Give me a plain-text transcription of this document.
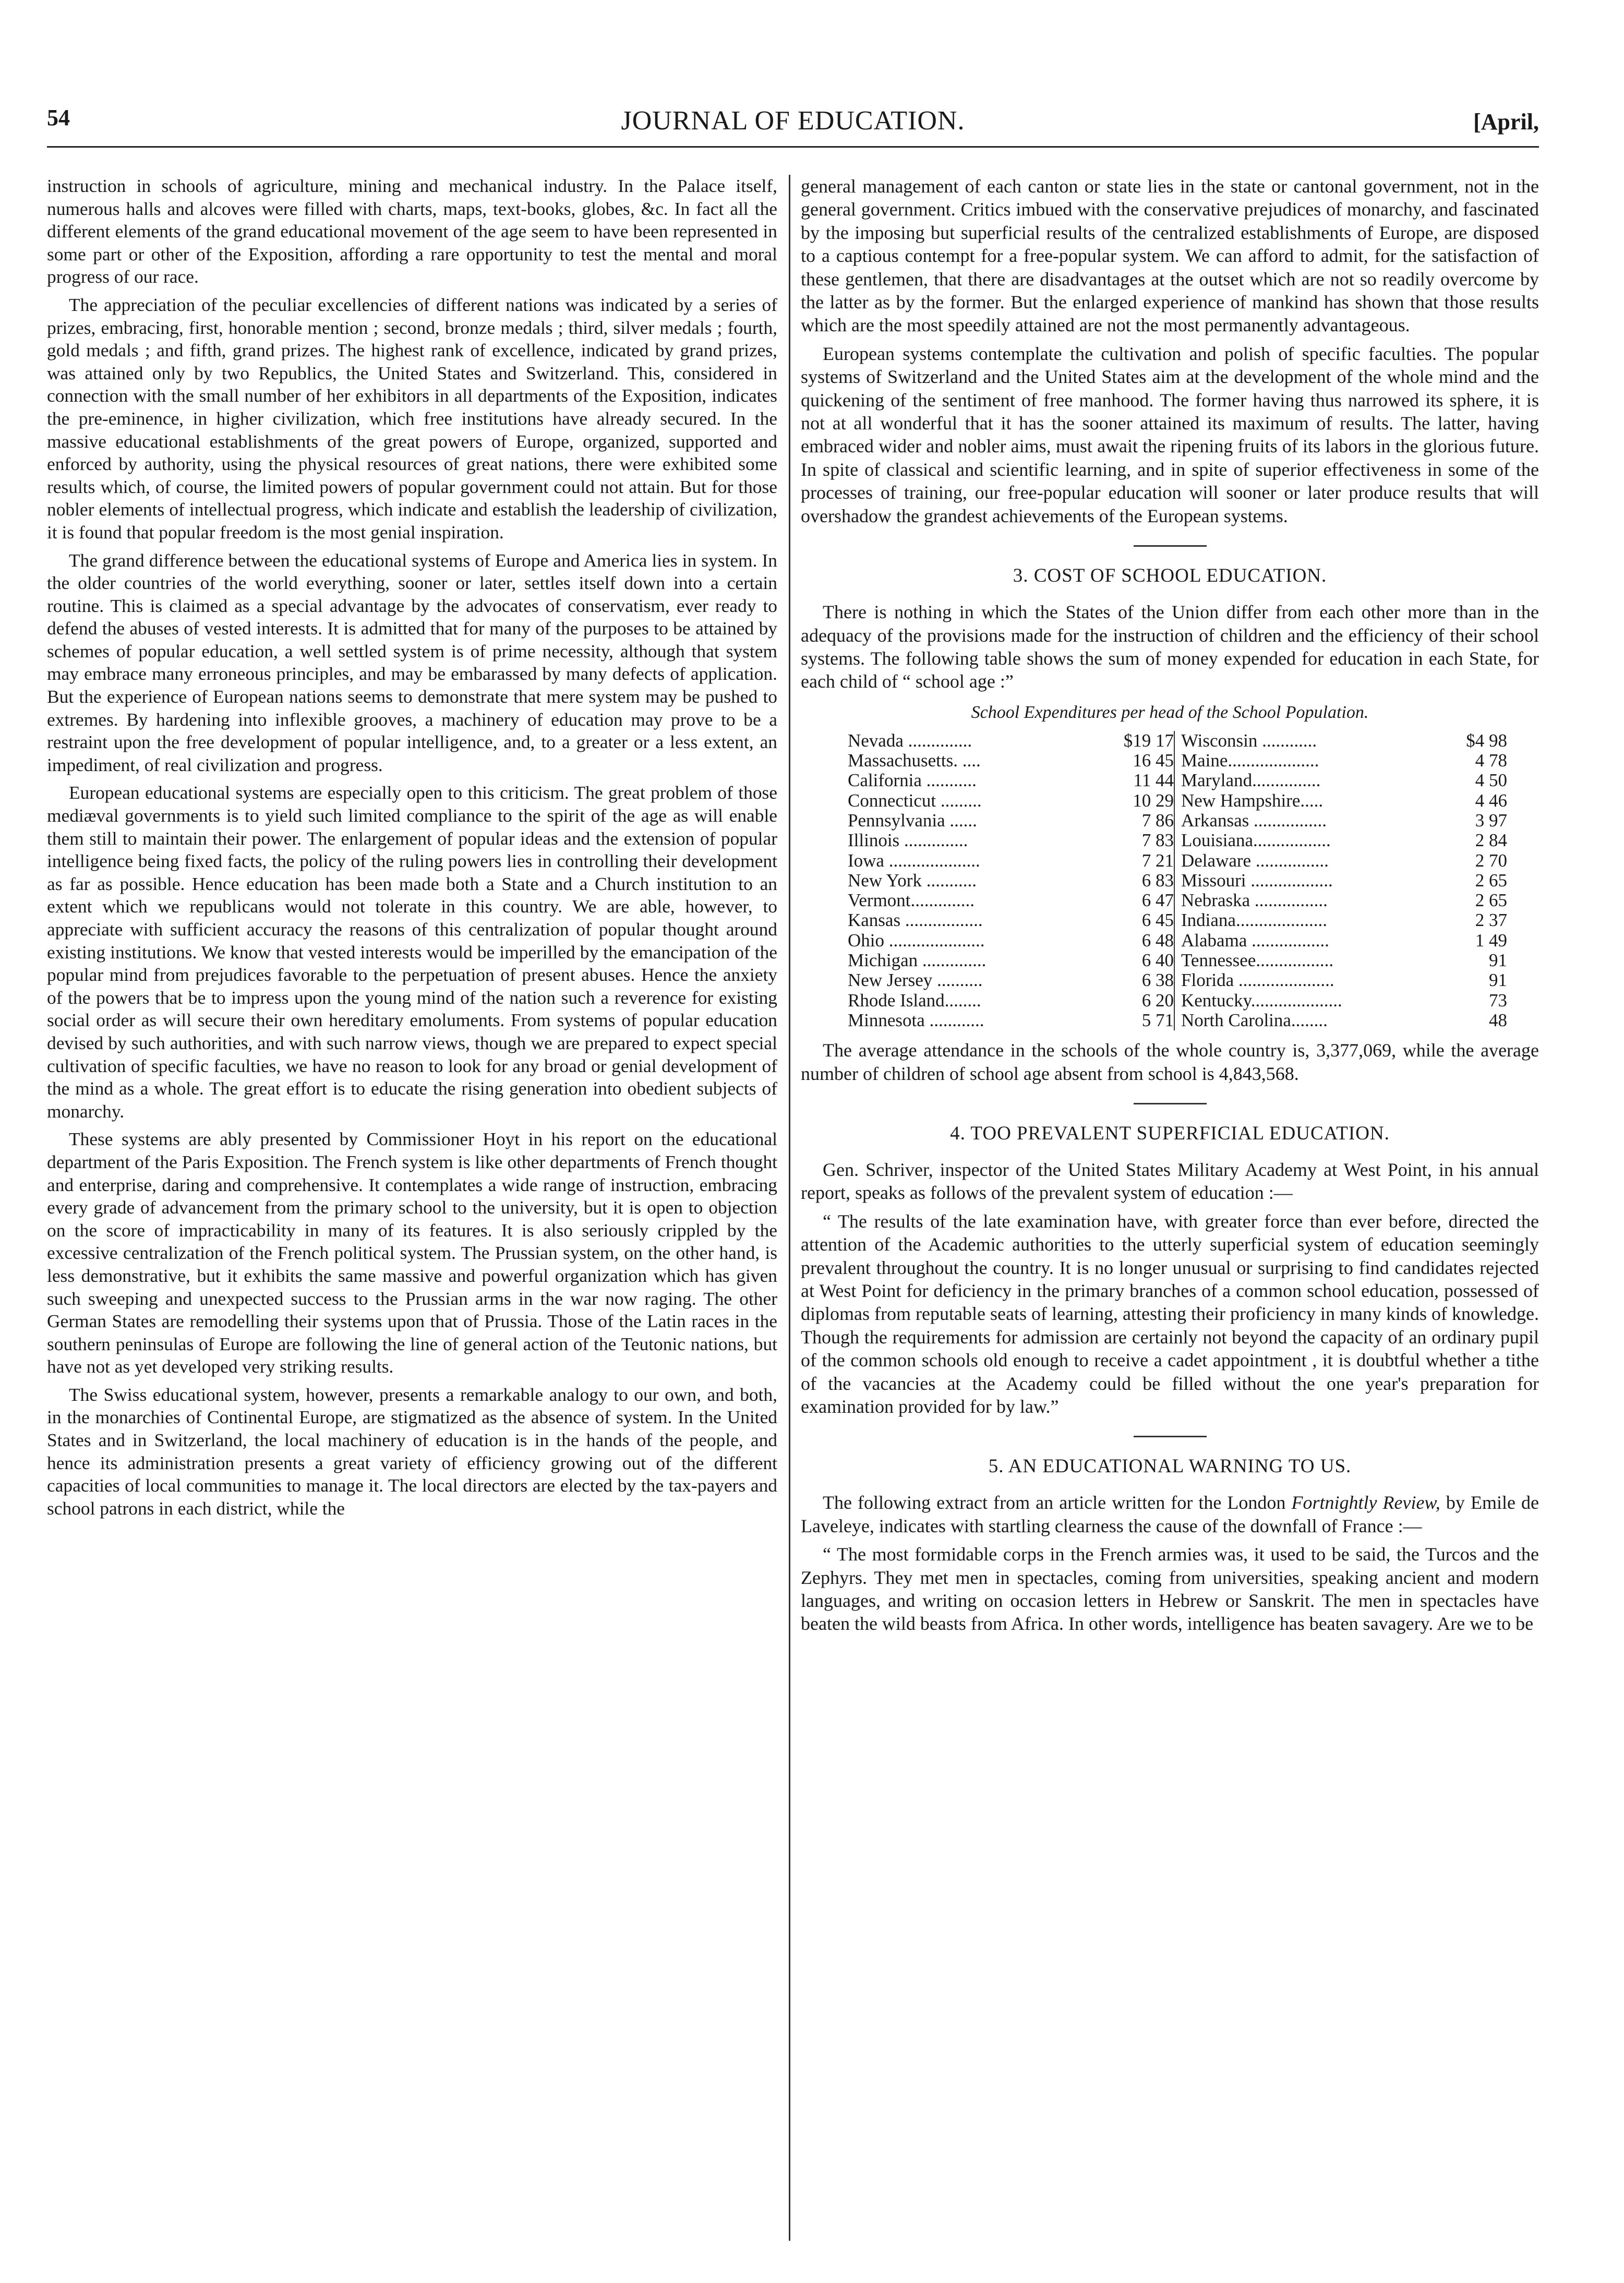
54	JOURNAL OF EDUCATION.	[April,

instruction in schools of agriculture, mining and mechanical industry. In the Palace itself, numerous halls and alcoves were filled with charts, maps, text-books, globes, &c. In fact all the different elements of the grand educational movement of the age seem to have been represented in some part or other of the Exposition, affording a rare opportunity to test the mental and moral progress of our race.

The appreciation of the peculiar excellencies of different nations was indicated by a series of prizes, embracing, first, honorable mention ; second, bronze medals ; third, silver medals ; fourth, gold medals ; and fifth, grand prizes. The highest rank of excellence, indicated by grand prizes, was attained only by two Republics, the United States and Switzerland. This, considered in connection with the small number of her exhibitors in all departments of the Exposition, indicates the pre-eminence, in higher civilization, which free institutions have already secured. In the massive educational establishments of the great powers of Europe, organized, supported and enforced by authority, using the physical resources of great nations, there were exhibited some results which, of course, the limited powers of popular government could not attain. But for those nobler elements of intellectual progress, which indicate and establish the leadership of civilization, it is found that popular freedom is the most genial inspiration.

The grand difference between the educational systems of Europe and America lies in system. In the older countries of the world everything, sooner or later, settles itself down into a certain routine. This is claimed as a special advantage by the advocates of conservatism, ever ready to defend the abuses of vested interests. It is admitted that for many of the purposes to be attained by schemes of popular education, a well settled system is of prime necessity, although that system may embrace many erroneous principles, and may be embarassed by many defects of application. But the experience of European nations seems to demonstrate that mere system may be pushed to extremes. By hardening into inflexible grooves, a machinery of education may prove to be a restraint upon the free development of popular intelligence, and, to a greater or a less extent, an impediment, of real civilization and progress.

European educational systems are especially open to this criticism. The great problem of those mediæval governments is to yield such limited compliance to the spirit of the age as will enable them still to maintain their power. The enlargement of popular ideas and the extension of popular intelligence being fixed facts, the policy of the ruling powers lies in controlling their development as far as possible. Hence education has been made both a State and a Church institution to an extent which we republicans would not tolerate in this country. We are able, however, to appreciate with sufficient accuracy the reasons of this centralization of popular thought around existing institutions. We know that vested interests would be imperilled by the emancipation of the popular mind from prejudices favorable to the perpetuation of present abuses. Hence the anxiety of the powers that be to impress upon the young mind of the nation such a reverence for existing social order as will secure their own hereditary emoluments. From systems of popular education devised by such authorities, and with such narrow views, though we are prepared to expect special cultivation of specific faculties, we have no reason to look for any broad or genial development of the mind as a whole. The great effort is to educate the rising generation into obedient subjects of monarchy.

These systems are ably presented by Commissioner Hoyt in his report on the educational department of the Paris Exposition. The French system is like other departments of French thought and enterprise, daring and comprehensive. It contemplates a wide range of instruction, embracing every grade of advancement from the primary school to the university, but it is open to objection on the score of impracticability in many of its features. It is also seriously crippled by the excessive centralization of the French political system. The Prussian system, on the other hand, is less demonstrative, but it exhibits the same massive and powerful organization which has given such sweeping and unexpected success to the Prussian arms in the war now raging. The other German States are remodelling their systems upon that of Prussia. Those of the Latin races in the southern peninsulas of Europe are following the line of general action of the Teutonic nations, but have not as yet developed very striking results.

The Swiss educational system, however, presents a remarkable analogy to our own, and both, in the monarchies of Continental Europe, are stigmatized as the absence of system. In the United States and in Switzerland, the local machinery of education is in the hands of the people, and hence its administration presents a great variety of efficiency growing out of the different capacities of local communities to manage it. The local directors are elected by the tax-payers and school patrons in each district, while the

general management of each canton or state lies in the state or cantonal government, not in the general government. Critics imbued with the conservative prejudices of monarchy, and fascinated by the imposing but superficial results of the centralized establishments of Europe, are disposed to a captious contempt for a free-popular system. We can afford to admit, for the satisfaction of these gentlemen, that there are disadvantages at the outset which are not so readily overcome by the latter as by the former. But the enlarged experience of mankind has shown that those results which are the most speedily attained are not the most permanently advantageous.

European systems contemplate the cultivation and polish of specific faculties. The popular systems of Switzerland and the United States aim at the development of the whole mind and the quickening of the sentiment of free manhood. The former having thus narrowed its sphere, it is not at all wonderful that it has the sooner attained its maximum of results. The latter, having embraced wider and nobler aims, must await the ripening fruits of its labors in the glorious future. In spite of classical and scientific learning, and in spite of superior effectiveness in some of the processes of training, our free-popular education will sooner or later produce results that will overshadow the grandest achievements of the European systems.

3. COST OF SCHOOL EDUCATION.

There is nothing in which the States of the Union differ from each other more than in the adequacy of the provisions made for the instruction of children and the efficiency of their school systems. The following table shows the sum of money expended for education in each State, for each child of “ school age :”

School Expenditures per head of the School Population.
Nevada ..............	$19 17
Massachusetts. ....	16 45
California ...........	11 44
Connecticut .........	10 29
Pennsylvania ......	7 86
Illinois ..............	7 83
Iowa ....................	7 21
New York ...........	6 83
Vermont..............	6 47
Kansas .................	6 45
Ohio .....................	6 48
Michigan ..............	6 40
New Jersey ..........	6 38
Rhode Island........	6 20
Minnesota ............	5 71
Wisconsin ............	$4 98
Maine....................	4 78
Maryland...............	4 50
New Hampshire.....	4 46
Arkansas ................	3 97
Louisiana.................	2 84
Delaware ................	2 70
Missouri ..................	2 65
Nebraska ................	2 65
Indiana....................	2 37
Alabama .................	1 49
Tennessee.................	91
Florida .....................	91
Kentucky....................	73
North Carolina........	48

The average attendance in the schools of the whole country is, 3,377,069, while the average number of children of school age absent from school is 4,843,568.

4. TOO PREVALENT SUPERFICIAL EDUCATION.

Gen. Schriver, inspector of the United States Military Academy at West Point, in his annual report, speaks as follows of the prevalent system of education :—

“ The results of the late examination have, with greater force than ever before, directed the attention of the Academic authorities to the utterly superficial system of education seemingly prevalent throughout the country. It is no longer unusual or surprising to find candidates rejected at West Point for deficiency in the primary branches of a common school education, possessed of diplomas from reputable seats of learning, attesting their proficiency in many kinds of knowledge. Though the requirements for admission are certainly not beyond the capacity of an ordinary pupil of the common schools old enough to receive a cadet appointment , it is doubtful whether a tithe of the vacancies at the Academy could be filled without the one year's preparation for examination provided for by law.”

5. AN EDUCATIONAL WARNING TO US.

The following extract from an article written for the London Fortnightly Review, by Emile de Laveleye, indicates with startling clearness the cause of the downfall of France :—

“ The most formidable corps in the French armies was, it used to be said, the Turcos and the Zephyrs. They met men in spectacles, coming from universities, speaking ancient and modern languages, and writing on occasion letters in Hebrew or Sanskrit. The men in spectacles have beaten the wild beasts from Africa. In other words, intelligence has beaten savagery. Are we to be
